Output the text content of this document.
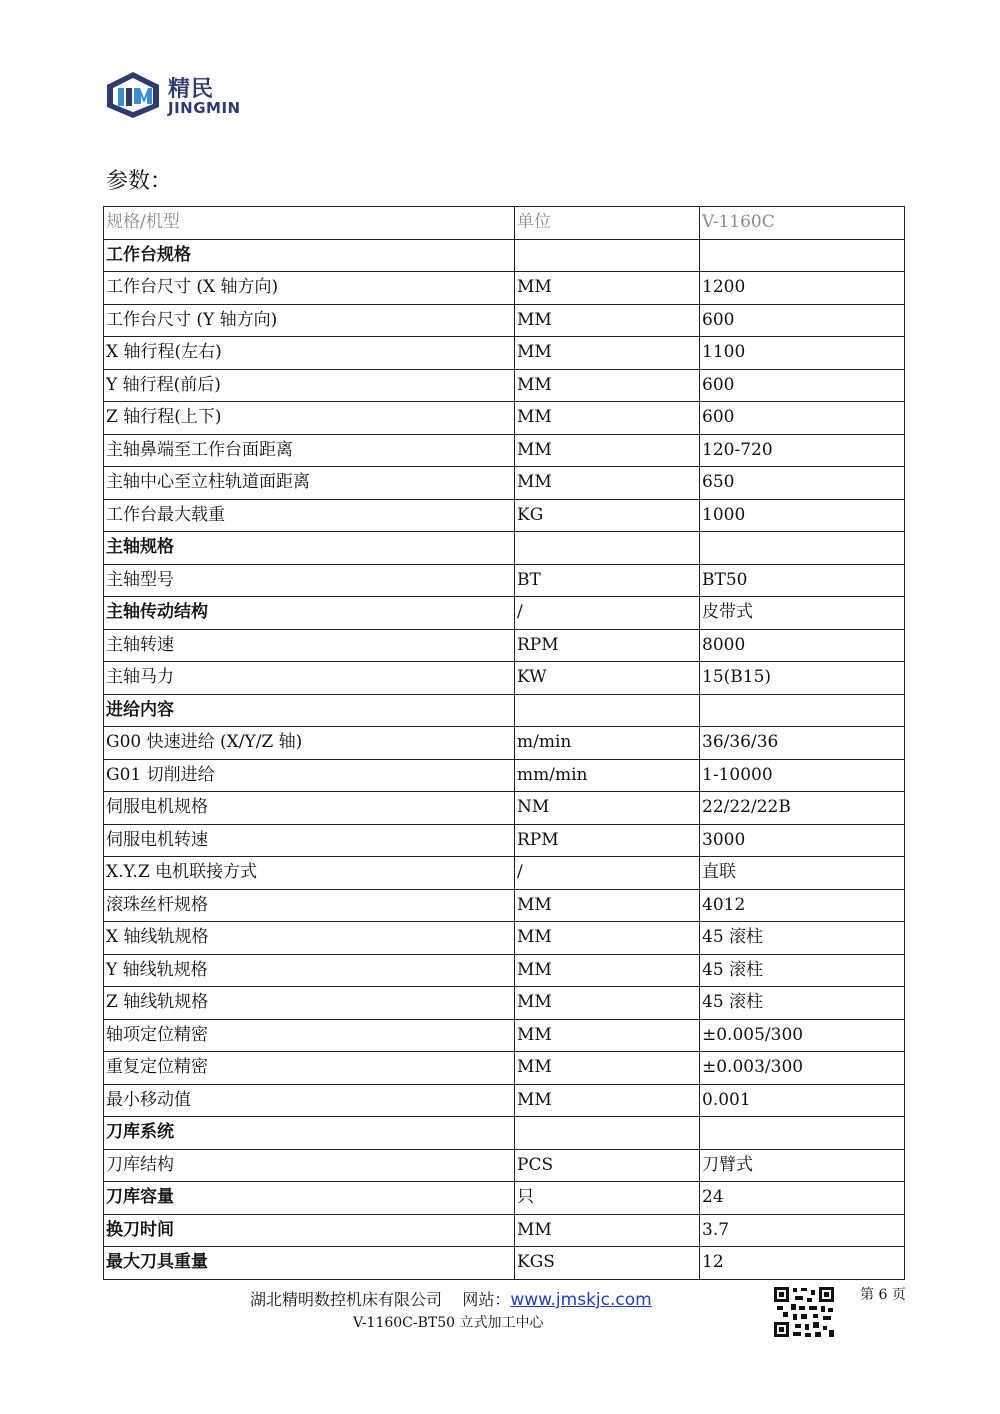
精民
JINGMIN
参数：
规格/机型	单位	V-1160C
工作台规格		
工作台尺寸 (X 轴方向)	MM	1200
工作台尺寸 (Y 轴方向)	MM	600
X 轴行程(左右)	MM	1100
Y 轴行程(前后)	MM	600
Z 轴行程(上下)	MM	600
主轴鼻端至工作台面距离	MM	120-720
主轴中心至立柱轨道面距离	MM	650
工作台最大载重	KG	1000
主轴规格		
主轴型号	BT	BT50
主轴传动结构	/	皮带式
主轴转速	RPM	8000
主轴马力	KW	15(B15)
进给内容		
G00 快速进给 (X/Y/Z 轴)	m/min	36/36/36
G01 切削进给	mm/min	1-10000
伺服电机规格	NM	22/22/22B
伺服电机转速	RPM	3000
X.Y.Z 电机联接方式	/	直联
滚珠丝杆规格	MM	4012
X 轴线轨规格	MM	45 滚柱
Y 轴线轨规格	MM	45 滚柱
Z 轴线轨规格	MM	45 滚柱
轴项定位精密	MM	±0.005/300
重复定位精密	MM	±0.003/300
最小移动值	MM	0.001
刀库系统		
刀库结构	PCS	刀臂式
刀库容量	只	24
换刀时间	MM	3.7
最大刀具重量	KGS	12
湖北精明数控机床有限公司 网站：www.jmskjc.com
V-1160C-BT50 立式加工中心
第 6 页
